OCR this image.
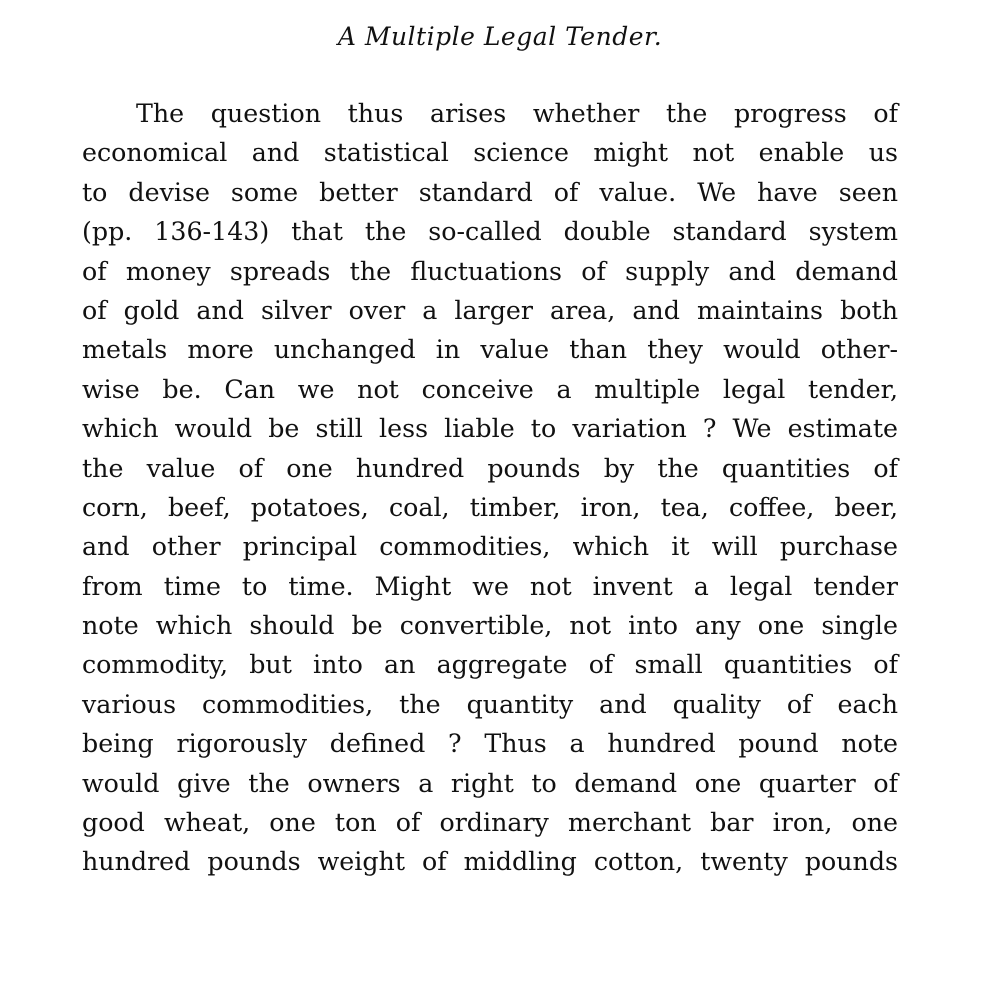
A Multiple Legal Tender.
The question thus arises whether the progress of
economical and statistical science might not enable us
to devise some better standard of value. We have seen
(pp. 136-143) that the so-called double standard system
of money spreads the fluctuations of supply and demand
of gold and silver over a larger area, and maintains both
metals more unchanged in value than they would other-
wise be. Can we not conceive a multiple legal tender,
which would be still less liable to variation ? We estimate
the value of one hundred pounds by the quantities of
corn, beef, potatoes, coal, timber, iron, tea, coffee, beer,
and other principal commodities, which it will purchase
from time to time. Might we not invent a legal tender
note which should be convertible, not into any one single
commodity, but into an aggregate of small quantities of
various commodities, the quantity and quality of each
being rigorously defined ? Thus a hundred pound note
would give the owners a right to demand one quarter of
good wheat, one ton of ordinary merchant bar iron, one
hundred pounds weight of middling cotton, twenty pounds
